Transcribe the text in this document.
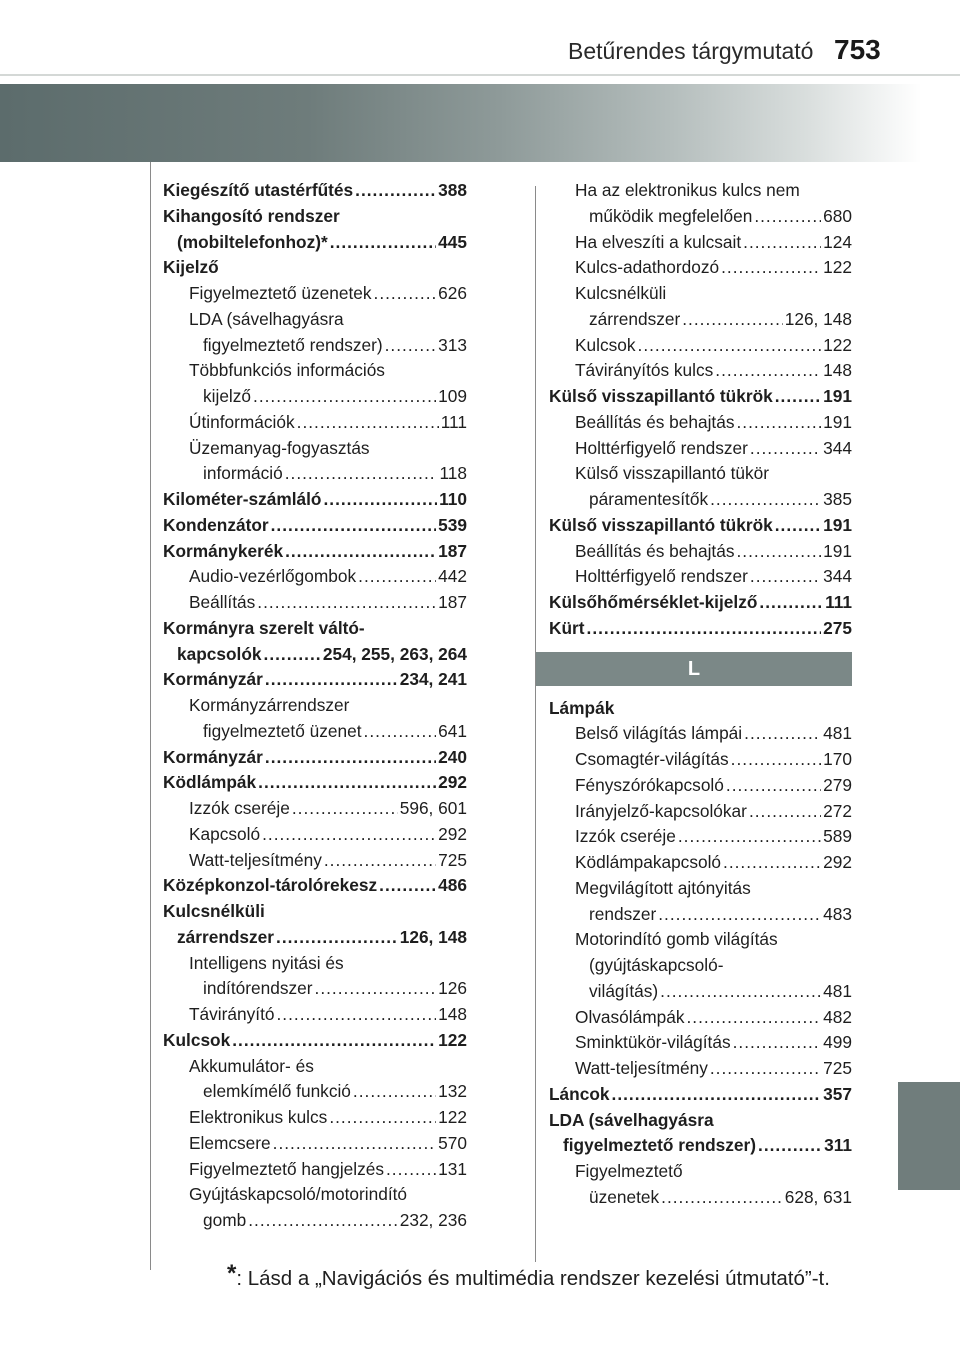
Betűrendes tárgymutató 753
Kiegészítő utastérfűtés .....	388
Kihangosító rendszer
(mobiltelefonhoz)* .....	445
Kijelző
Figyelmeztető üzenetek .....	626
LDA (sávelhagyásra
figyelmeztető rendszer) .....	313
Többfunkciós információs
kijelző .....	109
Útinformációk .....	111
Üzemanyag-fogyasztás
információ .....	118
Kilométer-számláló .....	110
Kondenzátor .....	539
Kormánykerék .....	187
Audio-vezérlőgombok .....	442
Beállítás .....	187
Kormányra szerelt váltó-
kapcsolók .....	254, 255, 263, 264
Kormányzár .....	234, 241
Kormányzárrendszer
figyelmeztető üzenet .....	641
Kormányzár .....	240
Ködlámpák .....	292
Izzók cseréje .....	596, 601
Kapcsoló .....	292
Watt-teljesítmény .....	725
Középkonzol-tárolórekesz .....	486
Kulcsnélküli
zárrendszer .....	126, 148
Intelligens nyitási és
indítórendszer .....	126
Távirányító .....	148
Kulcsok .....	122
Akkumulátor- és
elemkímélő funkció .....	132
Elektronikus kulcs .....	122
Elemcsere .....	570
Figyelmeztető hangjelzés .....	131
Gyújtáskapcsoló/motorindító
gomb .....	232, 236
Ha az elektronikus kulcs nem
működik megfelelően .....	680
Ha elveszíti a kulcsait .....	124
Kulcs-adathordozó .....	122
Kulcsnélküli
zárrendszer .....	126, 148
Kulcsok .....	122
Távirányítós kulcs .....	148
Külső visszapillantó tükrök .....	191
Beállítás és behajtás .....	191
Holttérfigyelő rendszer .....	344
Külső visszapillantó tükör
páramentesítők .....	385
Külső visszapillantó tükrök .....	191
Beállítás és behajtás .....	191
Holttérfigyelő rendszer .....	344
Külsőhőmérséklet-kijelző .....	111
Kürt .....	275
L
Lámpák
Belső világítás lámpái .....	481
Csomagtér-világítás .....	170
Fényszórókapcsoló .....	279
Irányjelző-kapcsolókar .....	272
Izzók cseréje .....	589
Ködlámpakapcsoló .....	292
Megvilágított ajtónyitás
rendszer .....	483
Motorindító gomb világítás
(gyújtáskapcsoló-
világítás) .....	481
Olvasólámpák .....	482
Sminktükör-világítás .....	499
Watt-teljesítmény .....	725
Láncok .....	357
LDA (sávelhagyásra
figyelmeztető rendszer) .....	311
Figyelmeztető
üzenetek .....	628, 631
*: Lásd a „Navigációs és multimédia rendszer kezelési útmutató”-t.
